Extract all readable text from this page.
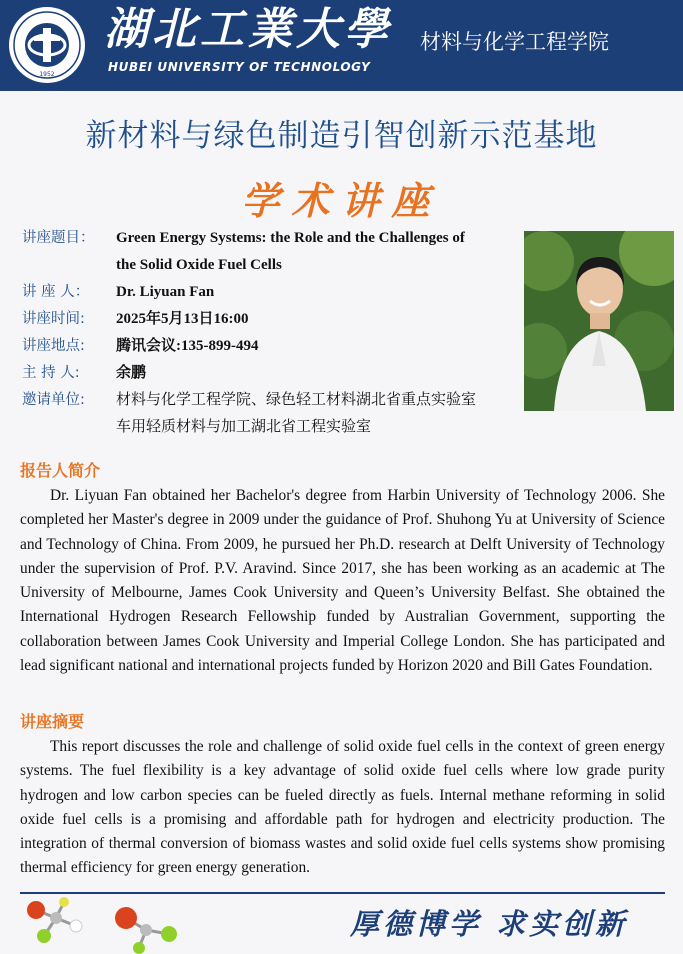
1952
湖北工業大學
HUBEI UNIVERSITY OF TECHNOLOGY
材料与化学工程学院
新材料与绿色制造引智创新示范基地
学术讲座
讲座题目：	Green Energy Systems: the Role and the Challenges of
the Solid Oxide Fuel Cells
讲 座 人：	Dr. Liyuan Fan
讲座时间:	2025年5月13日16:00
讲座地点:	腾讯会议:135-899-494
主 持 人:	余鹏
邀请单位:	材料与化学工程学院、绿色轻工材料湖北省重点实验室
车用轻质材料与加工湖北省工程实验室
报告人简介
Dr. Liyuan Fan obtained her Bachelor's degree from Harbin University of Technology 2006. She completed her Master's degree in 2009 under the guidance of Prof. Shuhong Yu at University of Science and Technology of China. From 2009, he pursued her Ph.D. research at Delft University of Technology under the supervision of Prof. P.V. Aravind. Since 2017, she has been working as an academic at The University of Melbourne, James Cook University and Queen’s University Belfast. She obtained the International Hydrogen Research Fellowship funded by Australian Government, supporting the collaboration between James Cook University and Imperial College London. She has participated and lead significant national and international projects funded by Horizon 2020 and Bill Gates Foundation.
讲座摘要
This report discusses the role and challenge of solid oxide fuel cells in the context of green energy systems. The fuel flexibility is a key advantage of solid oxide fuel cells where low grade purity hydrogen and low carbon species can be fueled directly as fuels. Internal methane reforming in solid oxide fuel cells is a promising and affordable path for hydrogen and electricity production. The integration of thermal conversion of biomass wastes and solid oxide fuel cells systems show promising thermal efficiency for green energy generation.
厚德博学 求实创新
